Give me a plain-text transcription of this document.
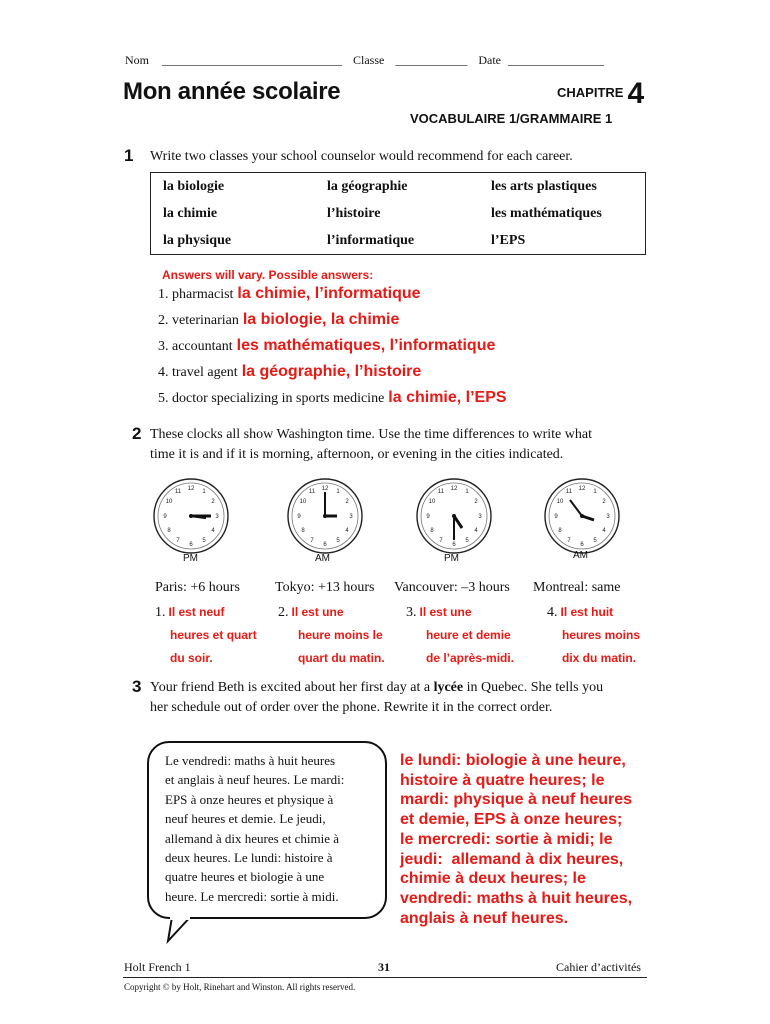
Nom ______________________________ Classe ____________ Date ________________
Mon année scolaire	CHAPITRE 4
VOCABULAIRE 1/GRAMMAIRE 1
1 Write two classes your school counselor would recommend for each career.
la biologie	la géographie	les arts plastiques
la chimie	l’histoire	les mathématiques
la physique	l’informatique	l’EPS
Answers will vary. Possible answers:
1. pharmacist la chimie, l’informatique
2. veterinarian la biologie, la chimie
3. accountant les mathématiques, l’informatique
4. travel agent la géographie, l’histoire
5. doctor specializing in sports medicine la chimie, l’EPS
2 These clocks all show Washington time. Use the time differences to write what
time it is and if it is morning, afternoon, or evening in the cities indicated.
12 1
2
3
4
5
6
7
8
9
10
11	12 1
2
3
4
5
6
7
8
9
10
11	12 1
2
3
4
5
6
7
8
9
10
11	12 1
2
3
4
5
6
7
8
9
10
11
PM	AM	PM	AM
Paris: +6 hours	Tokyo: +13 hours Vancouver: –3 hours Montreal: same
1. Il est neuf
heures et quart
du soir.
2. Il est une
heure moins le
quart du matin.
3. Il est une
heure et demie
de l’après-midi.
4. Il est huit
heures moins
dix du matin.
3 Your friend Beth is excited about her first day at a lycée in Quebec. She tells you
her schedule out of order over the phone. Rewrite it in the correct order.
Le vendredi: maths à huit heures
et anglais à neuf heures. Le mardi:
EPS à onze heures et physique à
neuf heures et demie. Le jeudi,
allemand à dix heures et chimie à
deux heures. Le lundi: histoire à
quatre heures et biologie à une
heure. Le mercredi: sortie à midi.
le lundi: biologie à une heure,
histoire à quatre heures; le
mardi: physique à neuf heures
et demie, EPS à onze heures;
le mercredi: sortie à midi; le
jeudi:  allemand à dix heures,
chimie à deux heures; le
vendredi: maths à huit heures,
anglais à neuf heures.
Holt French 1	31	Cahier d’activités
Copyright © by Holt, Rinehart and Winston. All rights reserved.
